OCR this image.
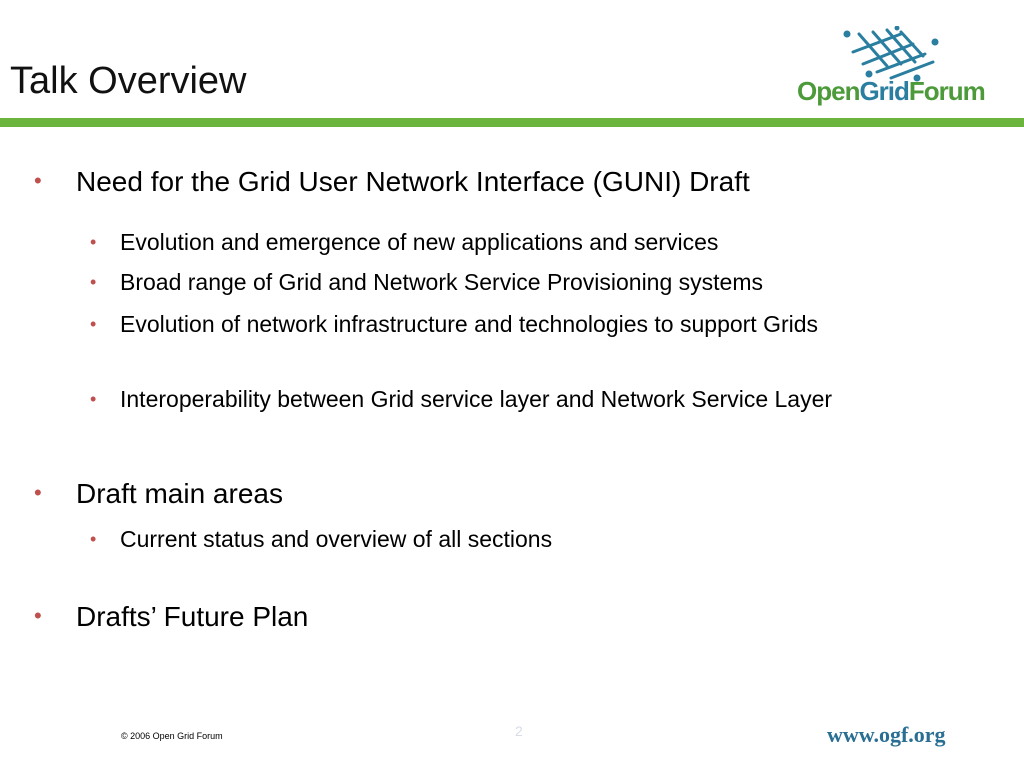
Talk Overview	OpenGridForum
• Need for the Grid User Network Interface (GUNI) Draft
• Evolution and emergence of new applications and services
• Broad range of Grid and Network Service Provisioning systems
• Evolution of network infrastructure and technologies to support Grids
• Interoperability between Grid service layer and Network Service Layer
• Draft main areas
• Current status and overview of all sections
• Drafts’ Future Plan
© 2006 Open Grid Forum	2	www.ogf.org
